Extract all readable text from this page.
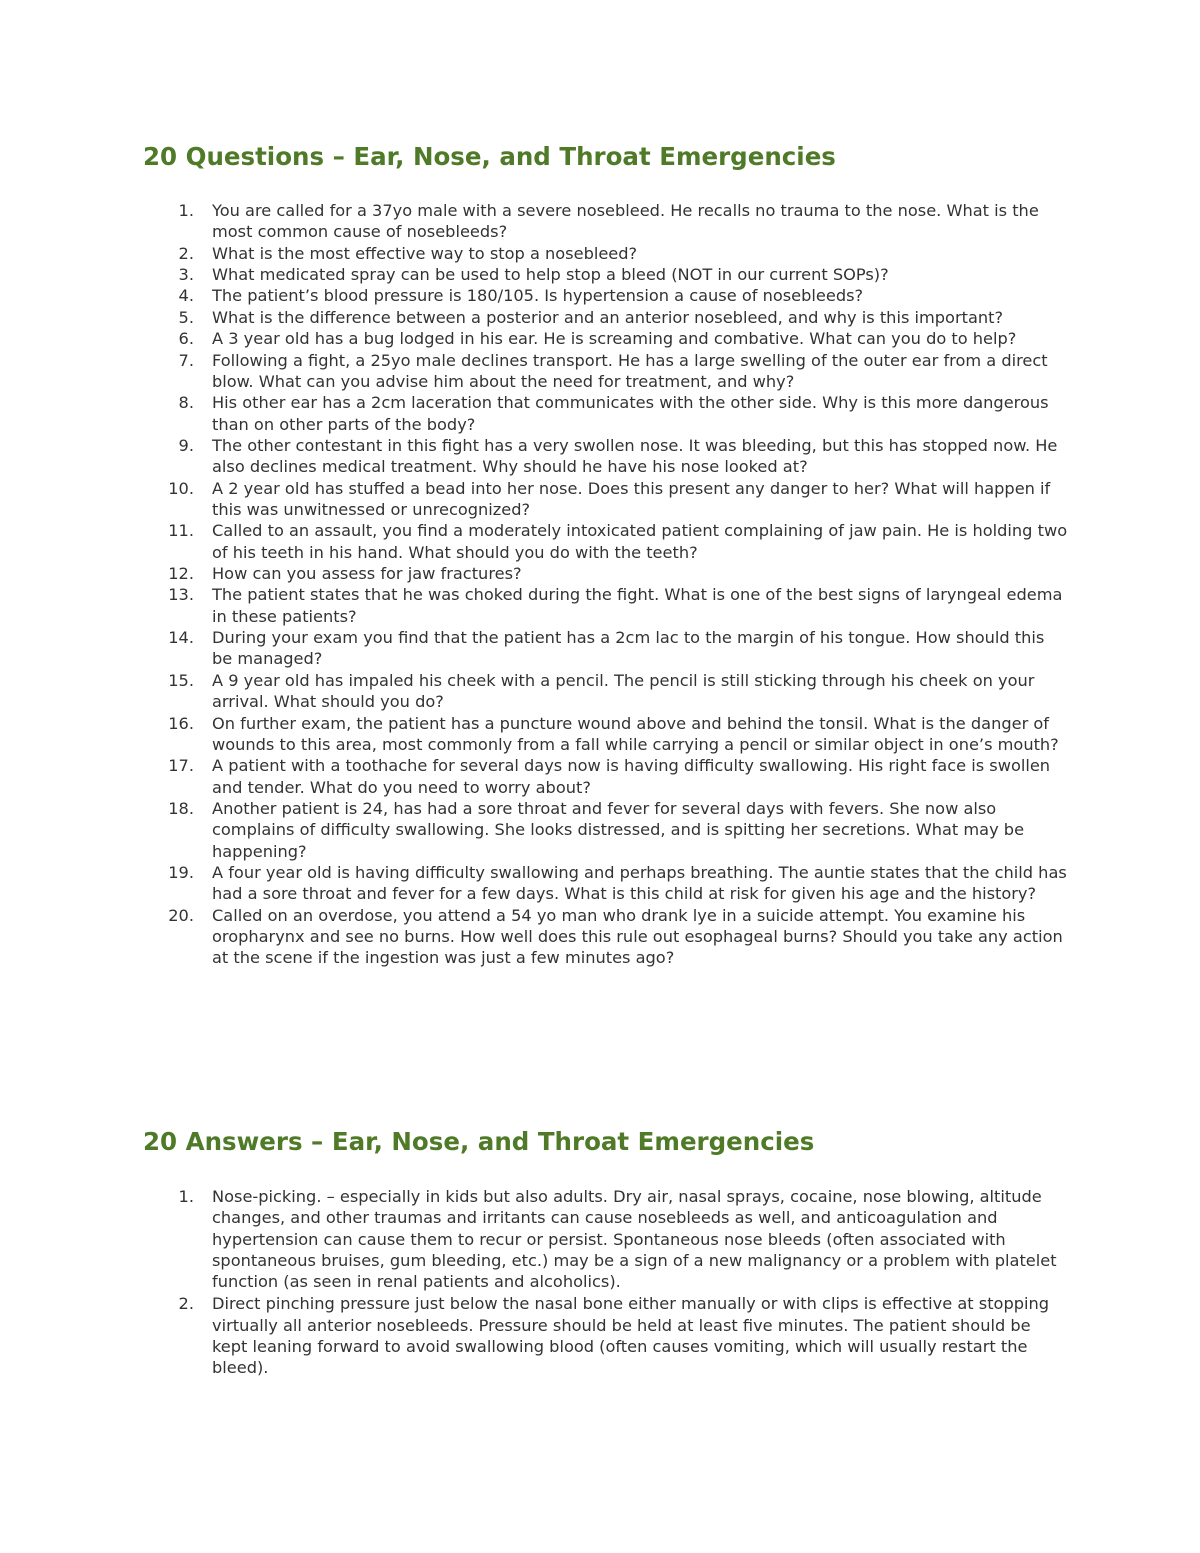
20 Questions – Ear, Nose, and Throat Emergencies
1. You are called for a 37yo male with a severe nosebleed. He recalls no trauma to the nose. What is the most common cause of nosebleeds?
2. What is the most effective way to stop a nosebleed?
3. What medicated spray can be used to help stop a bleed (NOT in our current SOPs)?
4. The patient’s blood pressure is 180/105. Is hypertension a cause of nosebleeds?
5. What is the difference between a posterior and an anterior nosebleed, and why is this important?
6. A 3 year old has a bug lodged in his ear. He is screaming and combative. What can you do to help?
7. Following a fight, a 25yo male declines transport. He has a large swelling of the outer ear from a direct blow. What can you advise him about the need for treatment, and why?
8. His other ear has a 2cm laceration that communicates with the other side. Why is this more dangerous than on other parts of the body?
9. The other contestant in this fight has a very swollen nose. It was bleeding, but this has stopped now. He also declines medical treatment. Why should he have his nose looked at?
10. A 2 year old has stuffed a bead into her nose. Does this present any danger to her? What will happen if this was unwitnessed or unrecognized?
11. Called to an assault, you find a moderately intoxicated patient complaining of jaw pain. He is holding two of his teeth in his hand. What should you do with the teeth?
12. How can you assess for jaw fractures?
13. The patient states that he was choked during the fight. What is one of the best signs of laryngeal edema in these patients?
14. During your exam you find that the patient has a 2cm lac to the margin of his tongue. How should this be managed?
15. A 9 year old has impaled his cheek with a pencil. The pencil is still sticking through his cheek on your arrival. What should you do?
16. On further exam, the patient has a puncture wound above and behind the tonsil. What is the danger of wounds to this area, most commonly from a fall while carrying a pencil or similar object in one’s mouth?
17. A patient with a toothache for several days now is having difficulty swallowing. His right face is swollen and tender. What do you need to worry about?
18. Another patient is 24, has had a sore throat and fever for several days with fevers. She now also complains of difficulty swallowing. She looks distressed, and is spitting her secretions. What may be happening?
19. A four year old is having difficulty swallowing and perhaps breathing. The auntie states that the child has had a sore throat and fever for a few days. What is this child at risk for given his age and the history?
20. Called on an overdose, you attend a 54 yo man who drank lye in a suicide attempt. You examine his oropharynx and see no burns. How well does this rule out esophageal burns? Should you take any action at the scene if the ingestion was just a few minutes ago?
20 Answers – Ear, Nose, and Throat Emergencies
1. Nose-picking. – especially in kids but also adults. Dry air, nasal sprays, cocaine, nose blowing, altitude changes, and other traumas and irritants can cause nosebleeds as well, and anticoagulation and hypertension can cause them to recur or persist. Spontaneous nose bleeds (often associated with spontaneous bruises, gum bleeding, etc.) may be a sign of a new malignancy or a problem with platelet function (as seen in renal patients and alcoholics).
2. Direct pinching pressure just below the nasal bone either manually or with clips is effective at stopping virtually all anterior nosebleeds. Pressure should be held at least five minutes. The patient should be kept leaning forward to avoid swallowing blood (often causes vomiting, which will usually restart the bleed).
